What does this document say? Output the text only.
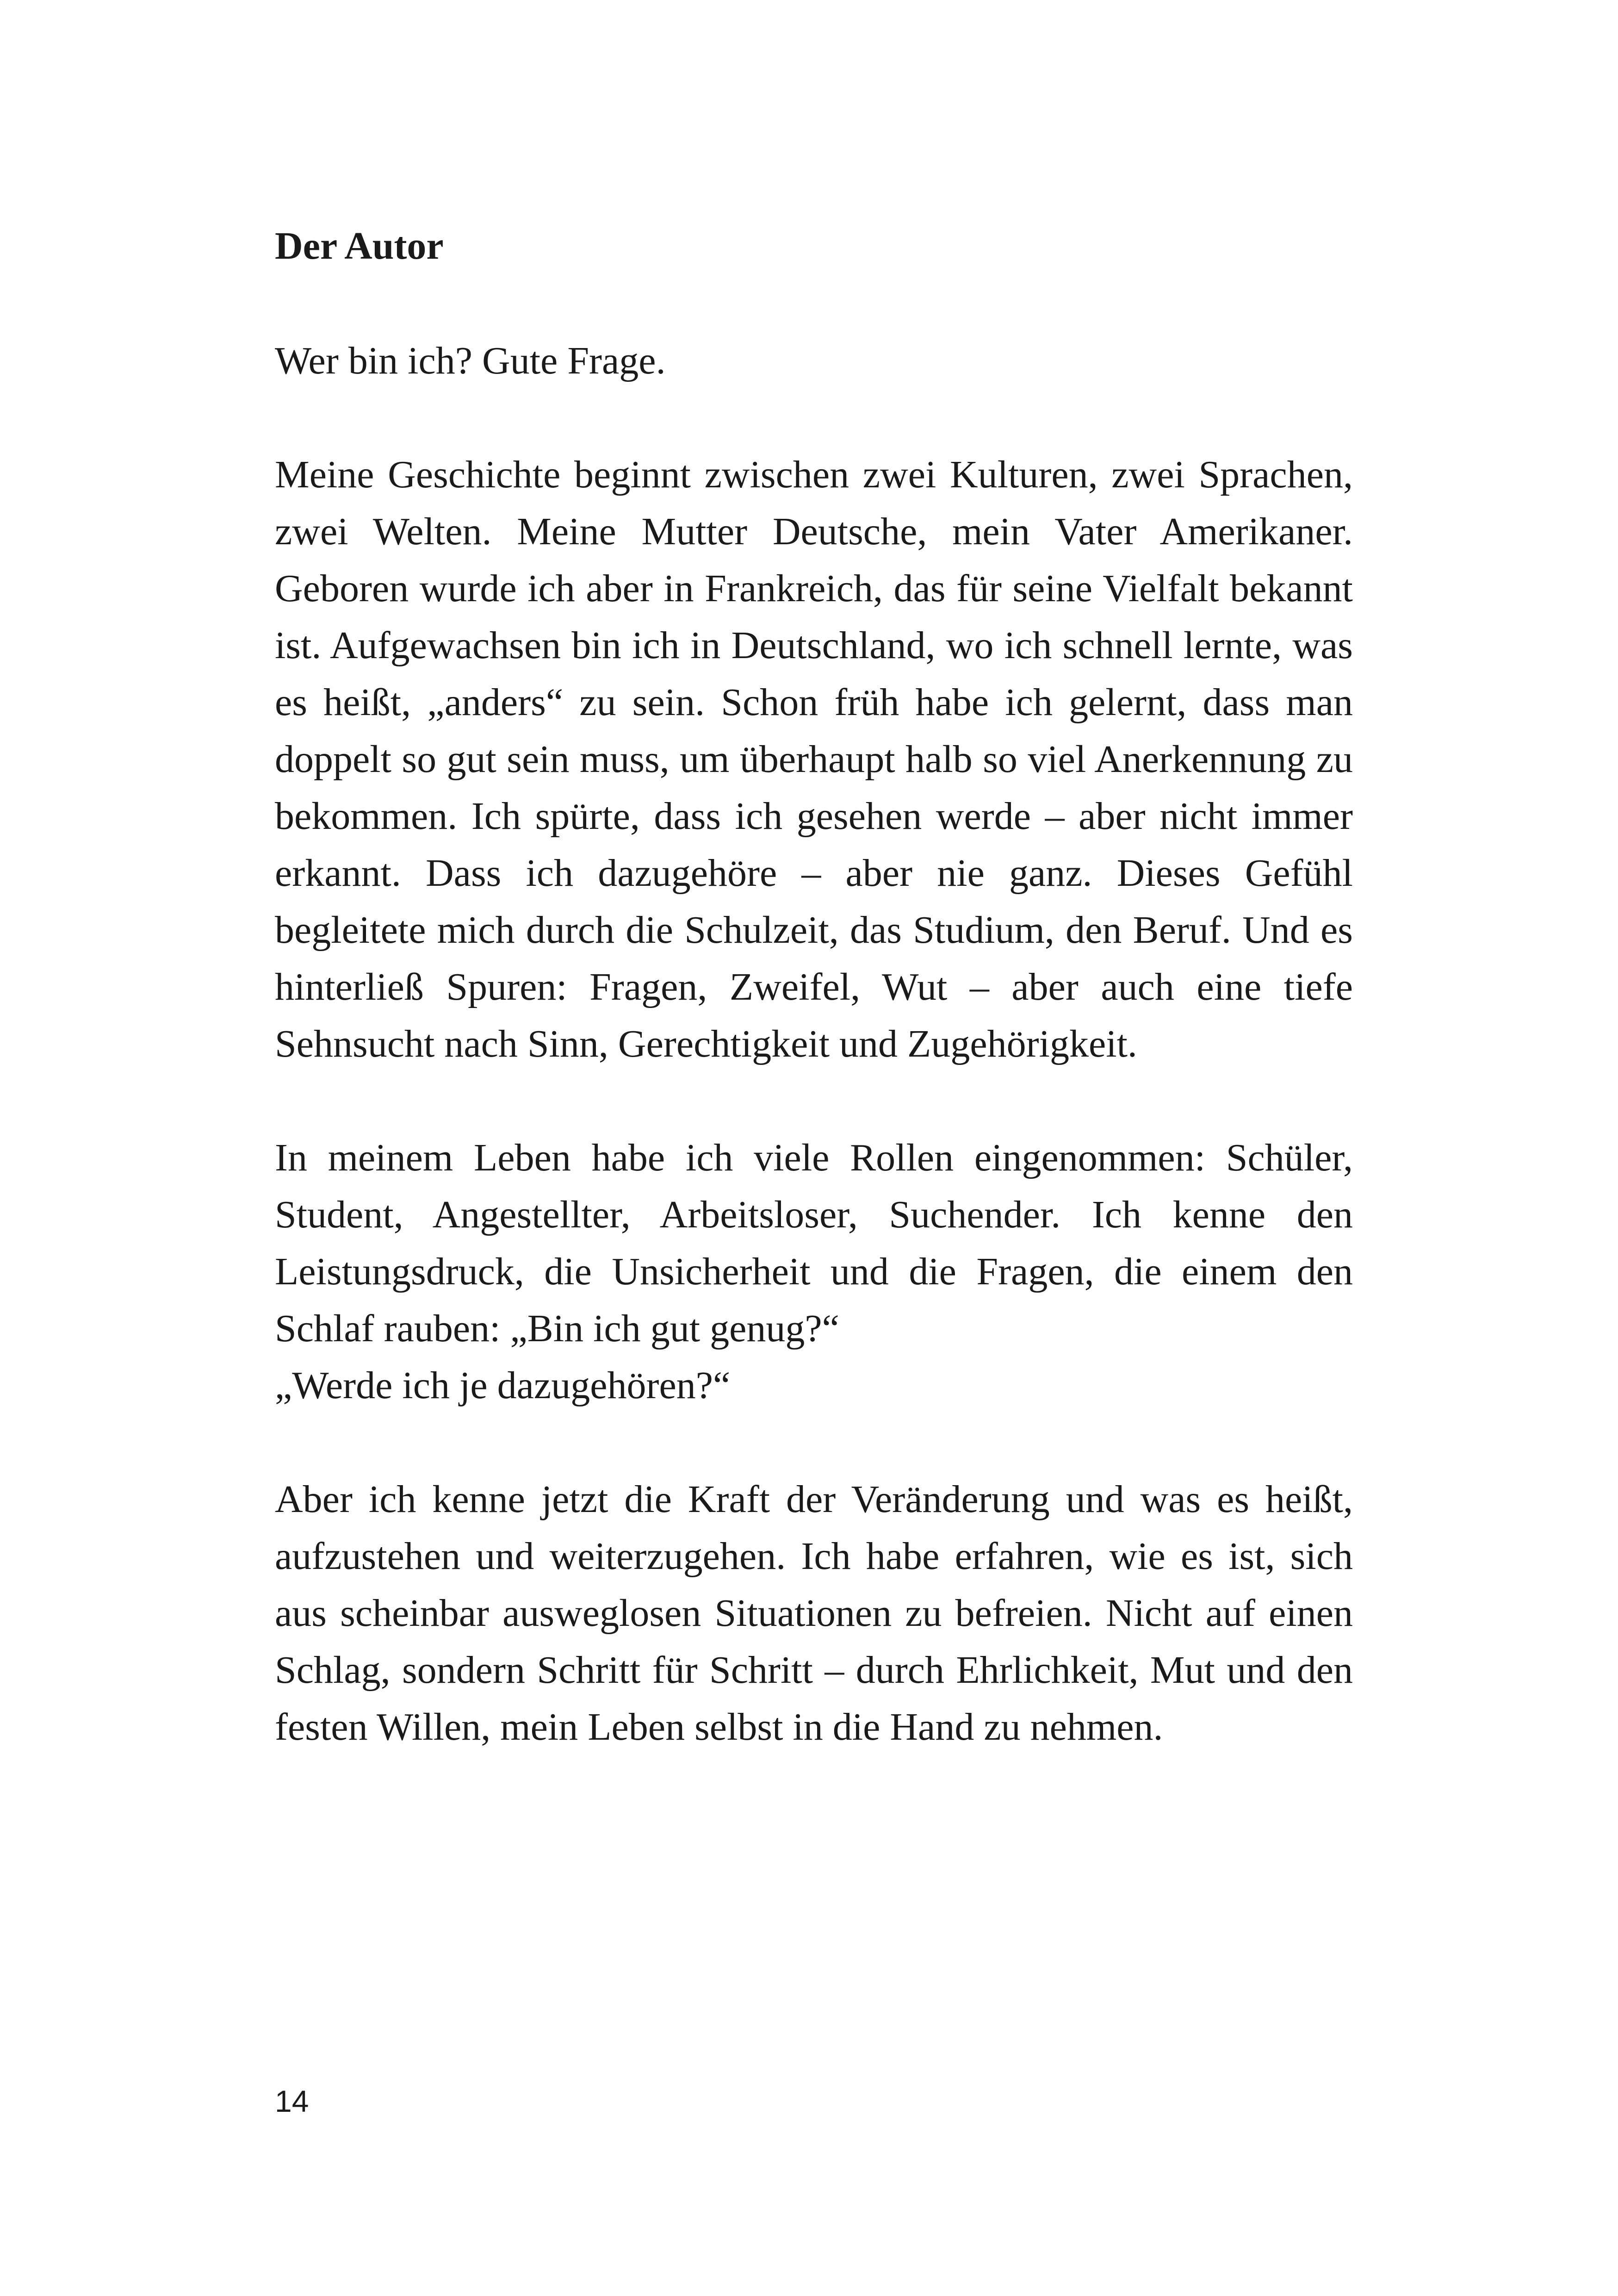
Der Autor
Wer bin ich? Gute Frage.

Meine Geschichte beginnt zwischen zwei Kulturen, zwei Sprachen, zwei Welten. Meine Mutter Deutsche, mein Vater Amerikaner. Geboren wurde ich aber in Frankreich, das für seine Vielfalt bekannt ist. Aufgewachsen bin ich in Deutschland, wo ich schnell lernte, was es heißt, „anders“ zu sein. Schon früh habe ich gelernt, dass man doppelt so gut sein muss, um überhaupt halb so viel Anerkennung zu bekommen. Ich spürte, dass ich gesehen werde – aber nicht immer erkannt. Dass ich dazugehöre – aber nie ganz. Dieses Gefühl begleitete mich durch die Schulzeit, das Studium, den Beruf. Und es hinterließ Spuren: Fragen, Zweifel, Wut – aber auch eine tiefe Sehnsucht nach Sinn, Gerechtigkeit und Zugehörigkeit.

In meinem Leben habe ich viele Rollen eingenommen: Schüler, Student, Angestellter, Arbeitsloser, Suchender. Ich kenne den Leistungsdruck, die Unsicherheit und die Fragen, die einem den Schlaf rauben: „Bin ich gut genug?“
„Werde ich je dazugehören?“

Aber ich kenne jetzt die Kraft der Veränderung und was es heißt, aufzustehen und weiterzugehen. Ich habe erfahren, wie es ist, sich aus scheinbar ausweglosen Situationen zu befreien. Nicht auf einen Schlag, sondern Schritt für Schritt – durch Ehrlichkeit, Mut und den festen Willen, mein Leben selbst in die Hand zu nehmen.

14
